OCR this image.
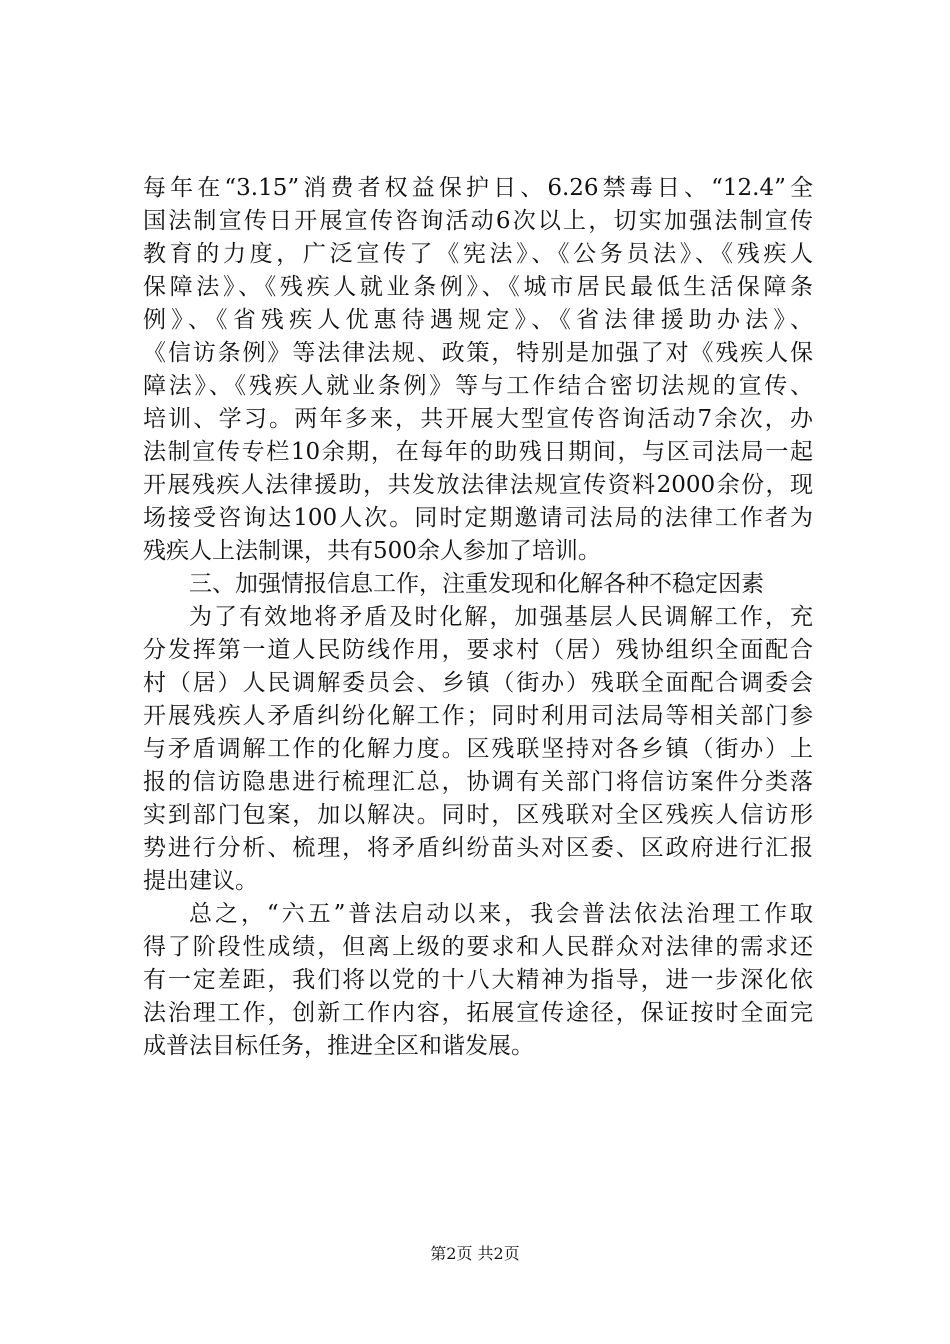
每年在“3.15”消费者权益保护日、6.26禁毒日、“12.4”全
国法制宣传日开展宣传咨询活动6次以上，切实加强法制宣传
教育的力度，广泛宣传了《宪法》、《公务员法》、《残疾人
保障法》、《残疾人就业条例》、《城市居民最低生活保障条
例》、《省残疾人优惠待遇规定》、《省法律援助办法》、
《信访条例》等法律法规、政策，特别是加强了对《残疾人保
障法》、《残疾人就业条例》等与工作结合密切法规的宣传、
培训、学习。两年多来，共开展大型宣传咨询活动7余次，办
法制宣传专栏10余期，在每年的助残日期间，与区司法局一起
开展残疾人法律援助，共发放法律法规宣传资料2000余份，现
场接受咨询达100人次。同时定期邀请司法局的法律工作者为
残疾人上法制课，共有500余人参加了培训。
三、加强情报信息工作，注重发现和化解各种不稳定因素
为了有效地将矛盾及时化解，加强基层人民调解工作，充
分发挥第一道人民防线作用，要求村（居）残协组织全面配合
村（居）人民调解委员会、乡镇（街办）残联全面配合调委会
开展残疾人矛盾纠纷化解工作；同时利用司法局等相关部门参
与矛盾调解工作的化解力度。区残联坚持对各乡镇（街办）上
报的信访隐患进行梳理汇总，协调有关部门将信访案件分类落
实到部门包案，加以解决。同时，区残联对全区残疾人信访形
势进行分析、梳理，将矛盾纠纷苗头对区委、区政府进行汇报
提出建议。
总之，“六五”普法启动以来，我会普法依法治理工作取
得了阶段性成绩，但离上级的要求和人民群众对法律的需求还
有一定差距，我们将以党的十八大精神为指导，进一步深化依
法治理工作，创新工作内容，拓展宣传途径，保证按时全面完
成普法目标任务，推进全区和谐发展。
第2页 共2页
